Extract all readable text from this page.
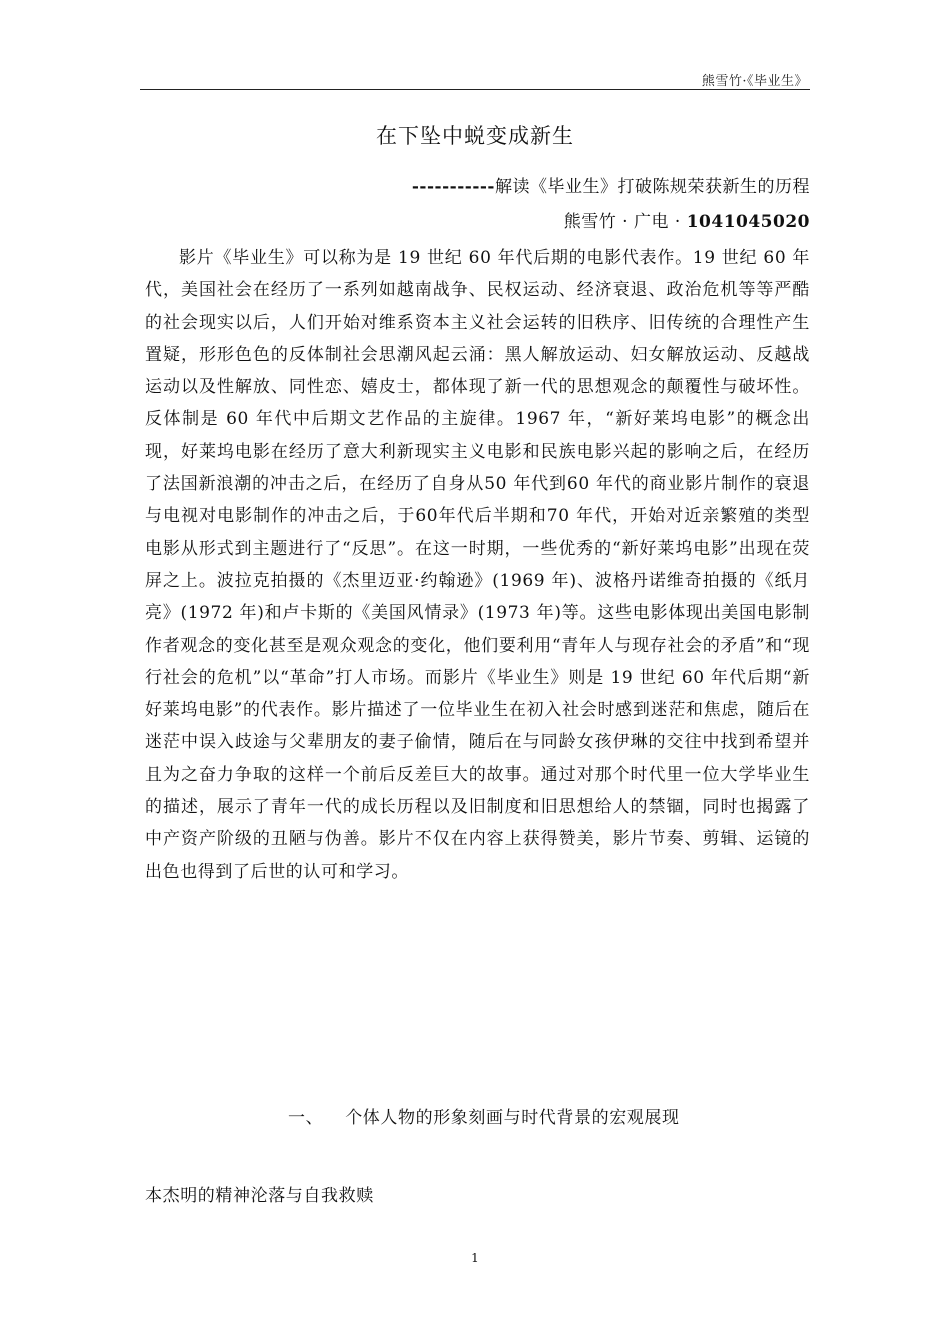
熊雪竹·《毕业生》
在下坠中蜕变成新生
-----------解读《毕业生》打破陈规荣获新生的历程
熊雪竹 · 广电 · 1041045020
影片《毕业生》可以称为是 19 世纪 60 年代后期的电影代表作。19 世纪 60 年代，美国社会在经历了一系列如越南战争、民权运动、经济衰退、政治危机等等严酷的社会现实以后，人们开始对维系资本主义社会运转的旧秩序、旧传统的合理性产生置疑，形形色色的反体制社会思潮风起云涌：黑人解放运动、妇女解放运动、反越战运动以及性解放、同性恋、嬉皮士，都体现了新一代的思想观念的颠覆性与破坏性。反体制是 60 年代中后期文艺作品的主旋律。1967 年，“新好莱坞电影”的概念出现，好莱坞电影在经历了意大利新现实主义电影和民族电影兴起的影响之后，在经历了法国新浪潮的冲击之后，在经历了自身从50 年代到60 年代的商业影片制作的衰退与电视对电影制作的冲击之后，于60年代后半期和70 年代，开始对近亲繁殖的类型电影从形式到主题进行了“反思”。在这一时期，一些优秀的“新好莱坞电影”出现在荧屏之上。波拉克拍摄的《杰里迈亚·约翰逊》(1969 年)、波格丹诺维奇拍摄的《纸月亮》(1972 年)和卢卡斯的《美国风情录》(1973 年)等。这些电影体现出美国电影制作者观念的变化甚至是观众观念的变化，他们要利用“青年人与现存社会的矛盾”和“现行社会的危机”以“革命”打人市场。而影片《毕业生》则是 19 世纪 60 年代后期“新好莱坞电影”的代表作。影片描述了一位毕业生在初入社会时感到迷茫和焦虑，随后在迷茫中误入歧途与父辈朋友的妻子偷情，随后在与同龄女孩伊琳的交往中找到希望并且为之奋力争取的这样一个前后反差巨大的故事。通过对那个时代里一位大学毕业生的描述，展示了青年一代的成长历程以及旧制度和旧思想给人的禁锢，同时也揭露了中产资产阶级的丑陋与伪善。影片不仅在内容上获得赞美，影片节奏、剪辑、运镜的出色也得到了后世的认可和学习。
一、 个体人物的形象刻画与时代背景的宏观展现
本杰明的精神沦落与自我救赎
1
